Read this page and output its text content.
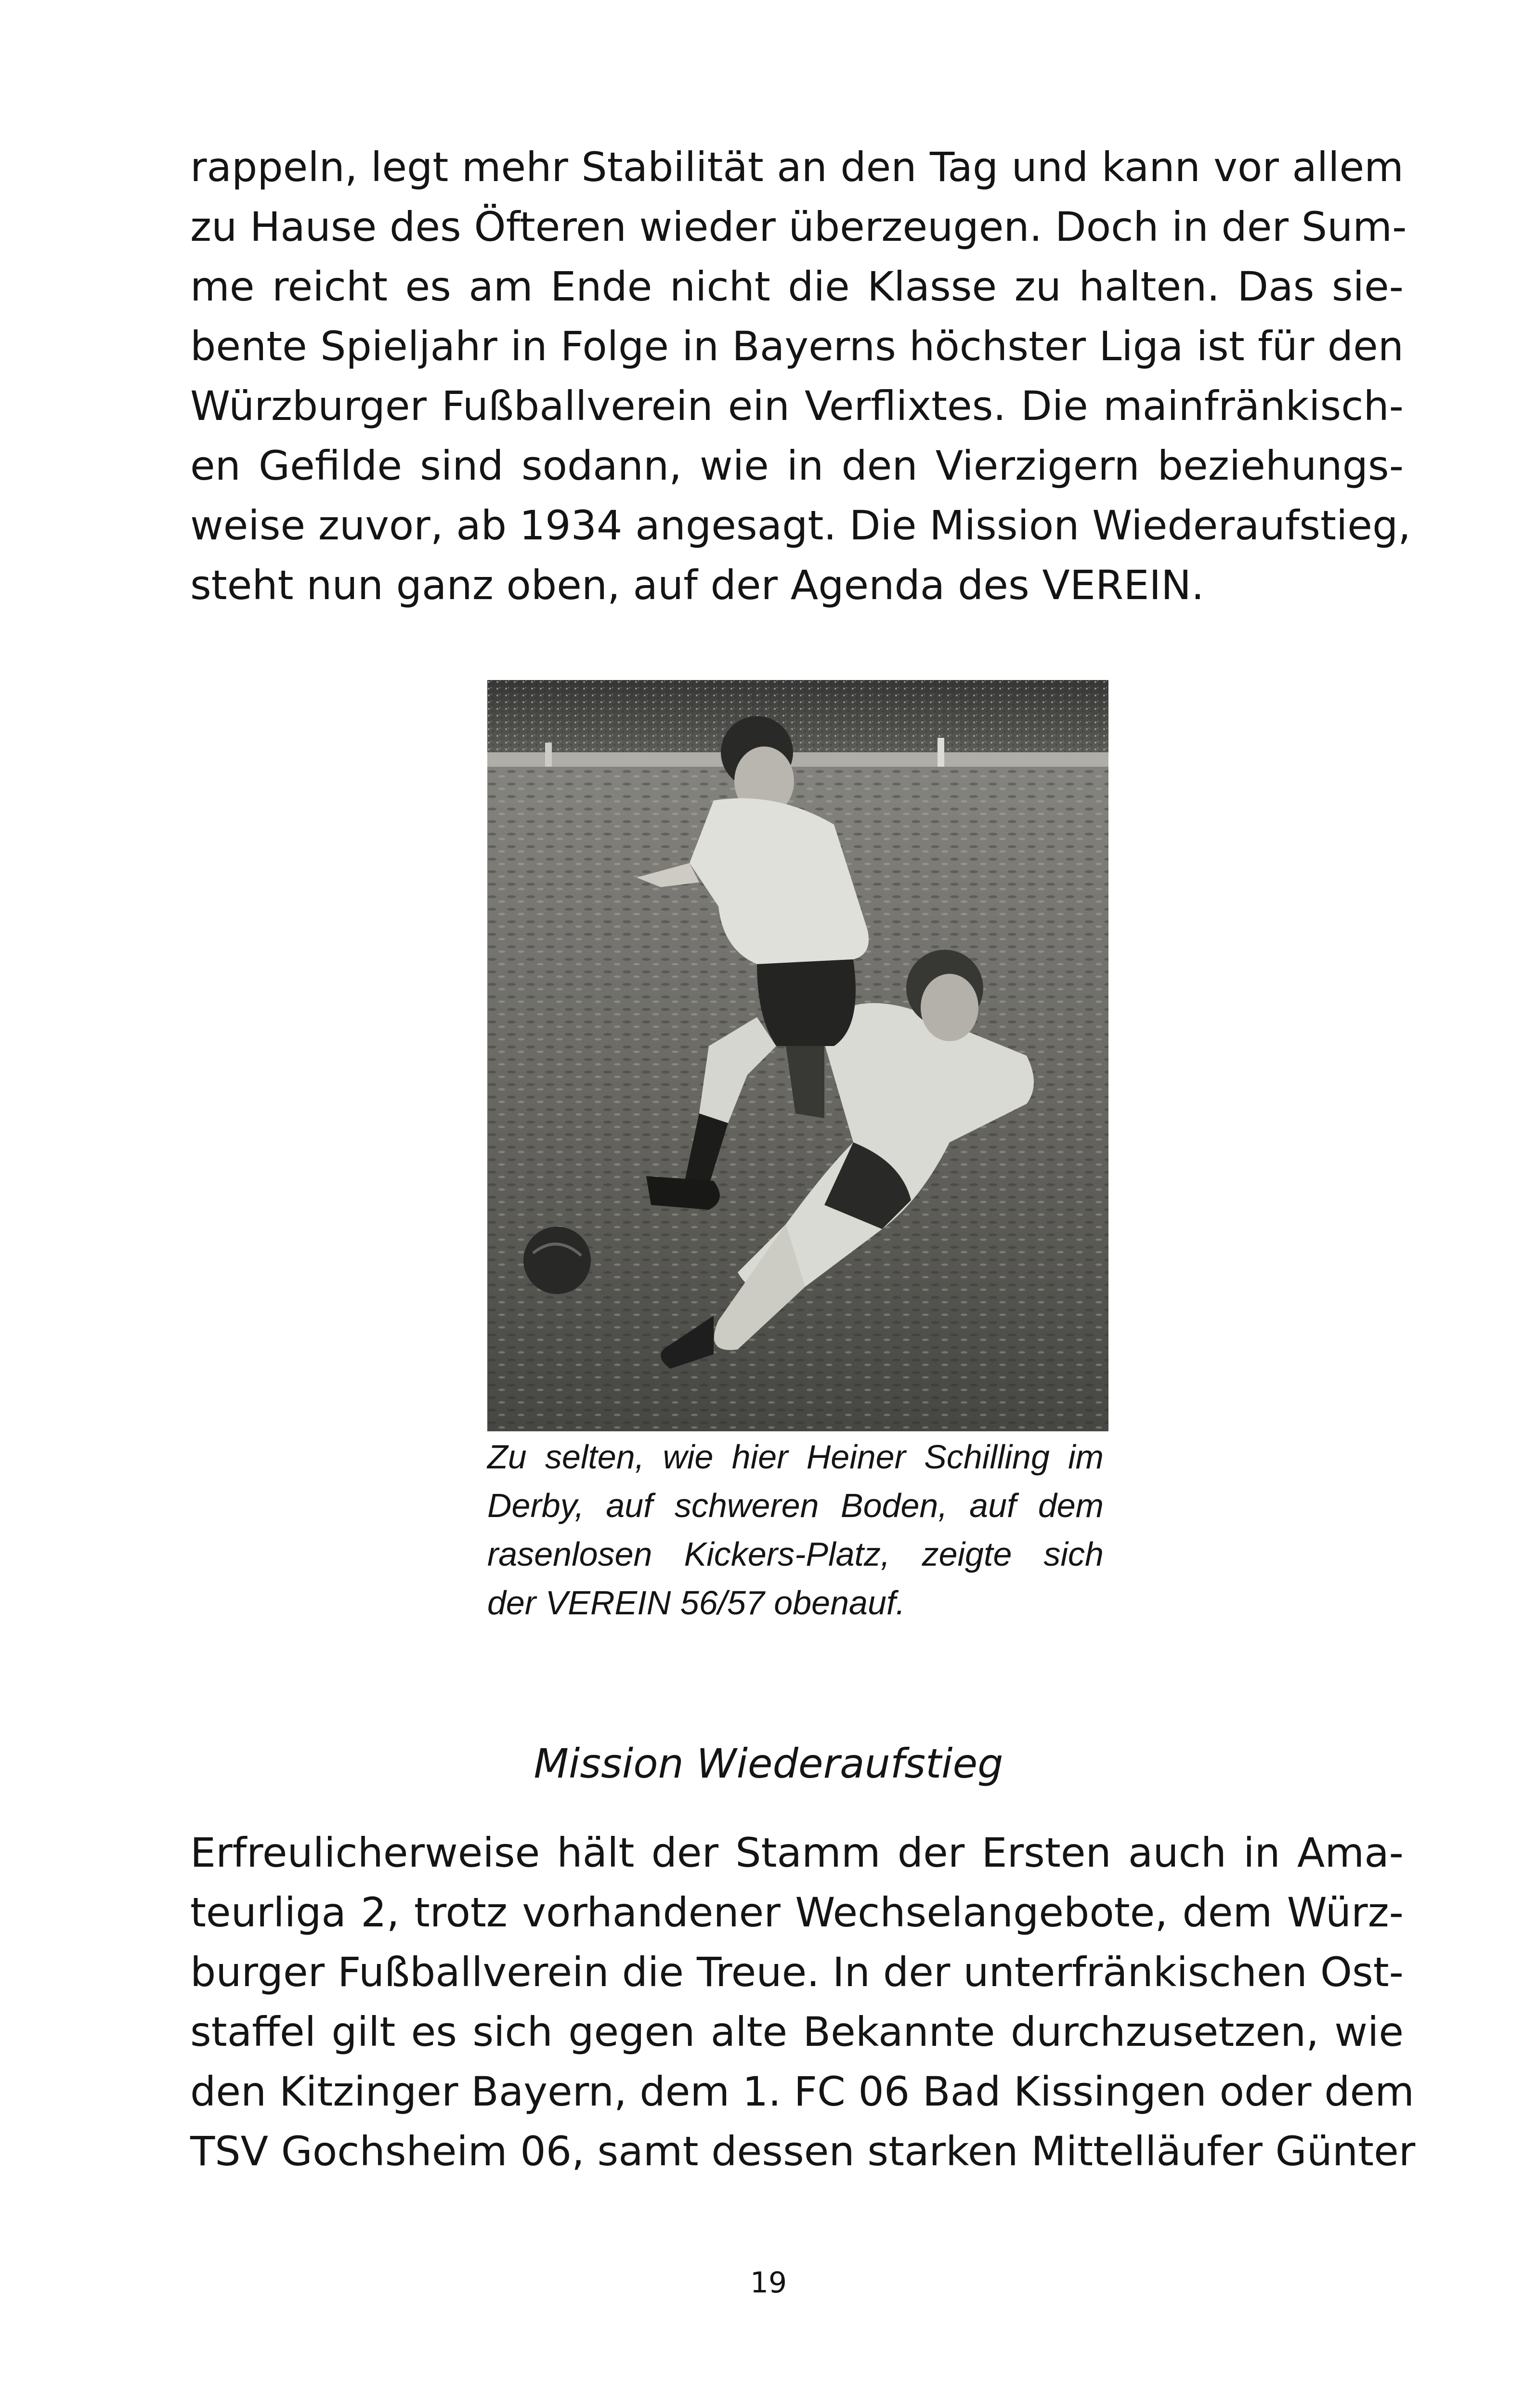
rappeln, legt mehr Stabilität an den Tag und kann vor allem
zu Hause des Öfteren wieder überzeugen. Doch in der Sum-
me reicht es am Ende nicht die Klasse zu halten. Das sie-
bente Spieljahr in Folge in Bayerns höchster Liga ist für den
Würzburger Fußballverein ein Verflixtes. Die mainfränkisch-
en Gefilde sind sodann, wie in den Vierzigern beziehungs-
weise zuvor, ab 1934 angesagt. Die Mission Wiederaufstieg,
steht nun ganz oben, auf der Agenda des VEREIN.

Zu selten, wie hier Heiner Schilling im
Derby, auf schweren Boden, auf dem
rasenlosen Kickers-Platz, zeigte sich
der VEREIN 56/57 obenauf.

Mission Wiederaufstieg

Erfreulicherweise hält der Stamm der Ersten auch in Ama-
teurliga 2, trotz vorhandener Wechselangebote, dem Würz-
burger Fußballverein die Treue. In der unterfränkischen Ost-
staffel gilt es sich gegen alte Bekannte durchzusetzen, wie
den Kitzinger Bayern, dem 1. FC 06 Bad Kissingen oder dem
TSV Gochsheim 06, samt dessen starken Mittelläufer Günter

19
